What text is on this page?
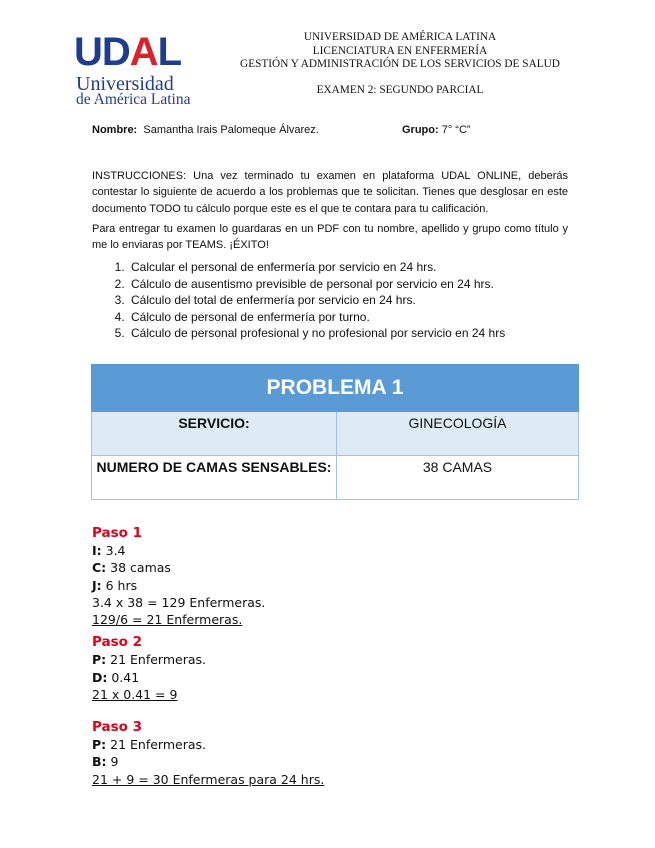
UDAL
Universidad
de América Latina
UNIVERSIDAD DE AMÉRICA LATINA
LICENCIATURA EN ENFERMERÍA
GESTIÓN Y ADMINISTRACIÓN DE LOS SERVICIOS DE SALUD
EXAMEN 2: SEGUNDO PARCIAL
Nombre: Samantha Irais Palomeque Álvarez.	Grupo: 7° “C”
INSTRUCCIONES: Una vez terminado tu examen en plataforma UDAL ONLINE, deberás contestar lo siguiente de acuerdo a los problemas que te solicitan. Tienes que desglosar en este documento TODO tu cálculo porque este es el que te contara para tu calificación.
Para entregar tu examen lo guardaras en un PDF con tu nombre, apellido y grupo como título y me lo enviaras por TEAMS. ¡ÉXITO!
1. Calcular el personal de enfermería por servicio en 24 hrs.
2. Cálculo de ausentismo previsible de personal por servicio en 24 hrs.
3. Cálculo del total de enfermería por servicio en 24 hrs.
4. Cálculo de personal de enfermería por turno.
5. Cálculo de personal profesional y no profesional por servicio en 24 hrs
PROBLEMA 1	
SERVICIO:	GINECOLOGÍA
NUMERO DE CAMAS SENSABLES:	38 CAMAS
Paso 1
I: 3.4
C: 38 camas
J: 6 hrs
3.4 x 38 = 129 Enfermeras.
129/6 = 21 Enfermeras.
Paso 2
P: 21 Enfermeras.
D: 0.41
21 x 0.41 = 9
Paso 3
P: 21 Enfermeras.
B: 9
21 + 9 = 30 Enfermeras para 24 hrs.
